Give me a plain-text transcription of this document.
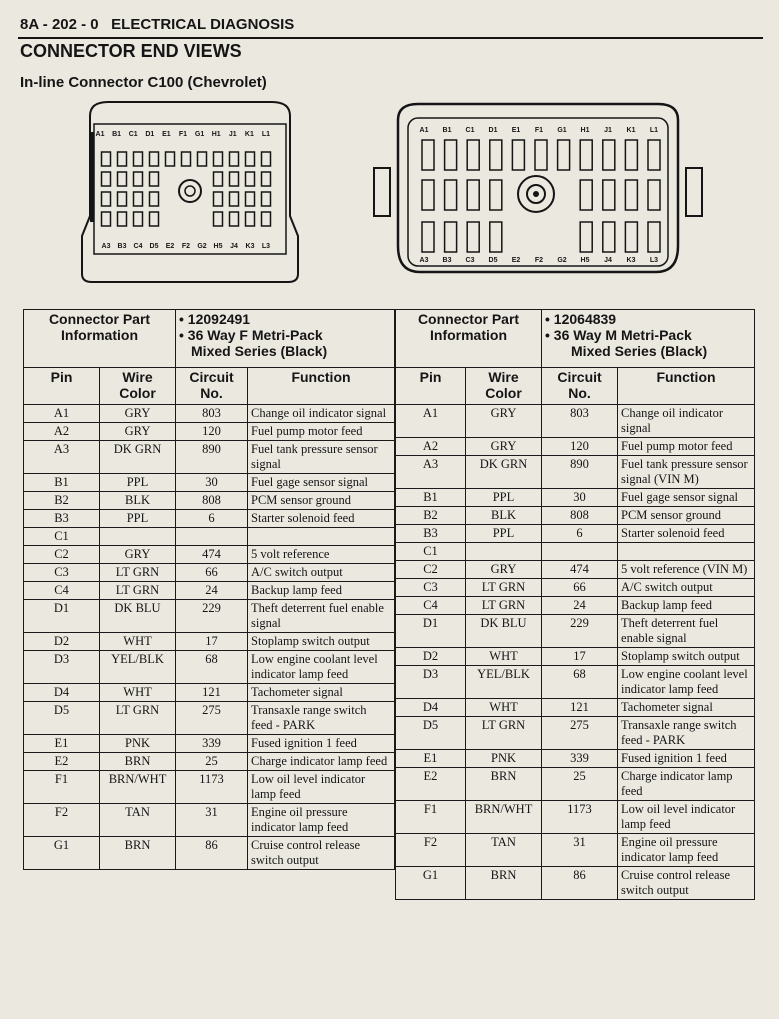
8A - 202 - 0 ELECTRICAL DIAGNOSIS
CONNECTOR END VIEWS
In-line Connector C100 (Chevrolet)
A1 B1 C1 D1 E1 F1 G1 H1 J1 K1 L1
A3 B3 C4 D5 E2 F2 G2 H5 J4 K3 L3
A1 B1 C1 D1 E1 F1 G1 H1 J1 K1 L1
A3 B3 C3 D5 E2 F2 G2 H5 J4 K3 L3
Connector Part Information		• 12092491
• 36 Way F Metri-Pack
Mixed Series (Black)	

Pin	Wire Color	Circuit No.	Function
A1	GRY	803	Change oil indicator signal
A2	GRY	120	Fuel pump motor feed
A3	DK GRN	890	Fuel tank pressure sensor signal
B1	PPL	30	Fuel gage sensor signal
B2	BLK	808	PCM sensor ground
B3	PPL	6	Starter solenoid feed
C1			
C2	GRY	474	5 volt reference
C3	LT GRN	66	A/C switch output
C4	LT GRN	24	Backup lamp feed
D1	DK BLU	229	Theft deterrent fuel enable signal
D2	WHT	17	Stoplamp switch output
D3	YEL/BLK	68	Low engine coolant level indicator lamp feed
D4	WHT	121	Tachometer signal
D5	LT GRN	275	Transaxle range switch feed - PARK
E1	PNK	339	Fused ignition 1 feed
E2	BRN	25	Charge indicator lamp feed
F1	BRN/WHT	1173	Low oil level indicator lamp feed
F2	TAN	31	Engine oil pressure indicator lamp feed
G1	BRN	86	Cruise control release switch output
Connector Part Information		• 12064839
• 36 Way M Metri-Pack
Mixed Series (Black)	

Pin	Wire Color	Circuit No.	Function
A1	GRY	803	Change oil indicator signal
A2	GRY	120	Fuel pump motor feed
A3	DK GRN	890	Fuel tank pressure sensor signal (VIN M)
B1	PPL	30	Fuel gage sensor signal
B2	BLK	808	PCM sensor ground
B3	PPL	6	Starter solenoid feed
C1			
C2	GRY	474	5 volt reference (VIN M)
C3	LT GRN	66	A/C switch output
C4	LT GRN	24	Backup lamp feed
D1	DK BLU	229	Theft deterrent fuel enable signal
D2	WHT	17	Stoplamp switch output
D3	YEL/BLK	68	Low engine coolant level indicator lamp feed
D4	WHT	121	Tachometer signal
D5	LT GRN	275	Transaxle range switch feed - PARK
E1	PNK	339	Fused ignition 1 feed
E2	BRN	25	Charge indicator lamp feed
F1	BRN/WHT	1173	Low oil level indicator lamp feed
F2	TAN	31	Engine oil pressure indicator lamp feed
G1	BRN	86	Cruise control release switch output
